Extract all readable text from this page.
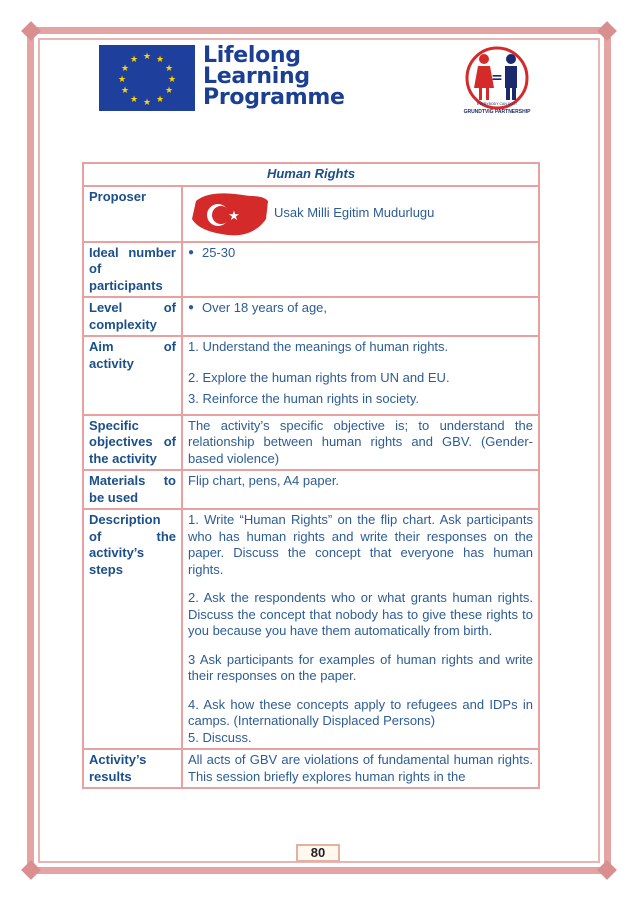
★ ★
★
★
★
★
★
★
★
★
★
★	Lifelong
Learning
Programme
=
EVERYBODY CAN DO IT
GRUNDTVIG PARTNERSHIP
Human Rights	
Proposer	★ Usak Milli Egitim Mudurlugu

Ideal number of participants	● 25-30

Level of complexity	● Over 18 years of age,

Aim of activity	1. Understand the meanings of human rights.

2. Explore the human rights from UN and EU.

3. Reinforce the human rights in society.

Specific objectives of the activity	The activity’s specific objective is; to understand the relationship between human rights and GBV. (Gender-based violence)
Materials to be used	Flip chart, pens, A4 paper.
Description of the activity’s steps	1. Write “Human Rights” on the flip chart. Ask participants who has human rights and write their responses on the paper. Discuss the concept that everyone has human rights.

2. Ask the respondents who or what grants human rights. Discuss the concept that nobody has to give these rights to you because you have them automatically from birth.

3 Ask participants for examples of human rights and write their responses on the paper.

4. Ask how these concepts apply to refugees and IDPs in camps. (Internationally Displaced Persons)

5. Discuss.

Activity’s results	All acts of GBV are violations of fundamental human rights. This session briefly explores human rights in the
80
